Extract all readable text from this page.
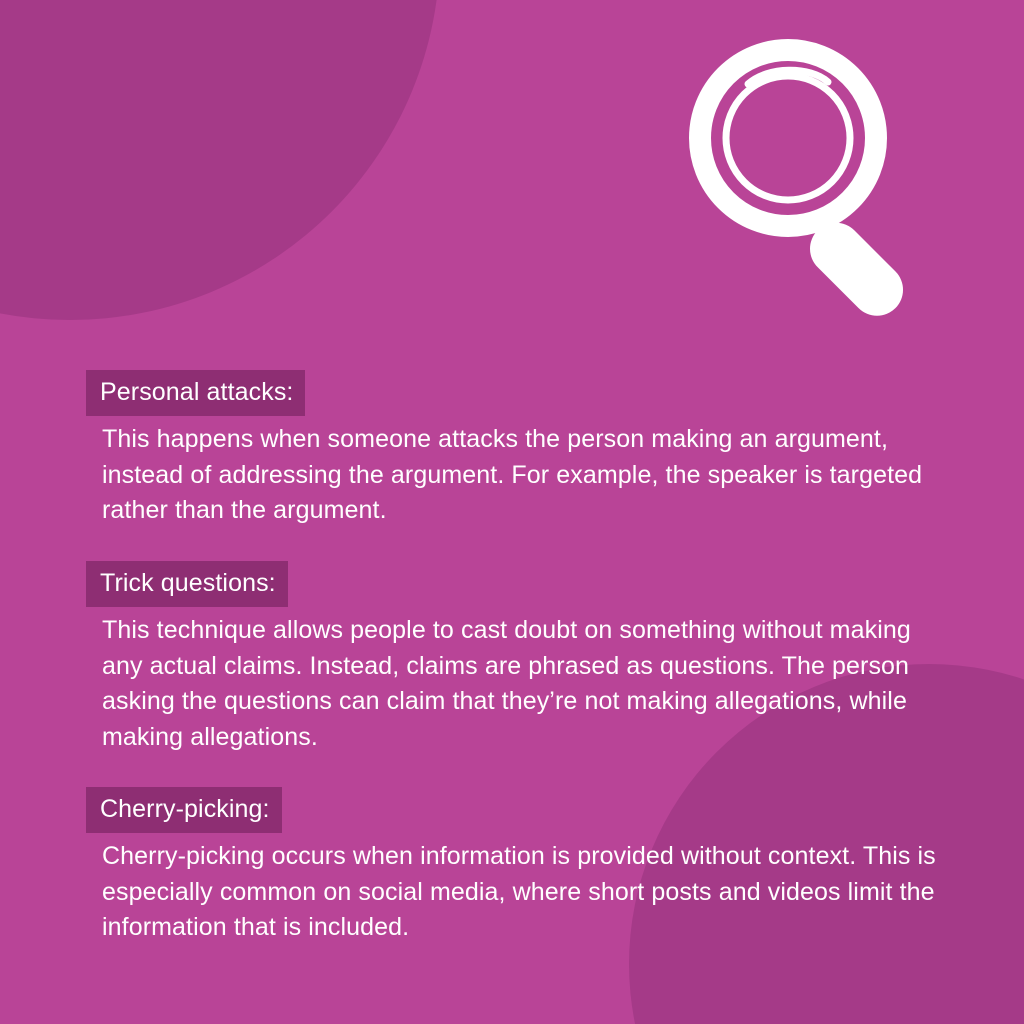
Personal attacks:

This happens when someone attacks the person making an argument, instead of addressing the argument. For example, the speaker is targeted rather than the argument.

Trick questions:

This technique allows people to cast doubt on something without making any actual claims. Instead, claims are phrased as questions. The person asking the questions can claim that they’re not making allegations, while making allegations.

Cherry-picking:

Cherry-picking occurs when information is provided without context. This is especially common on social media, where short posts and videos limit the information that is included.
